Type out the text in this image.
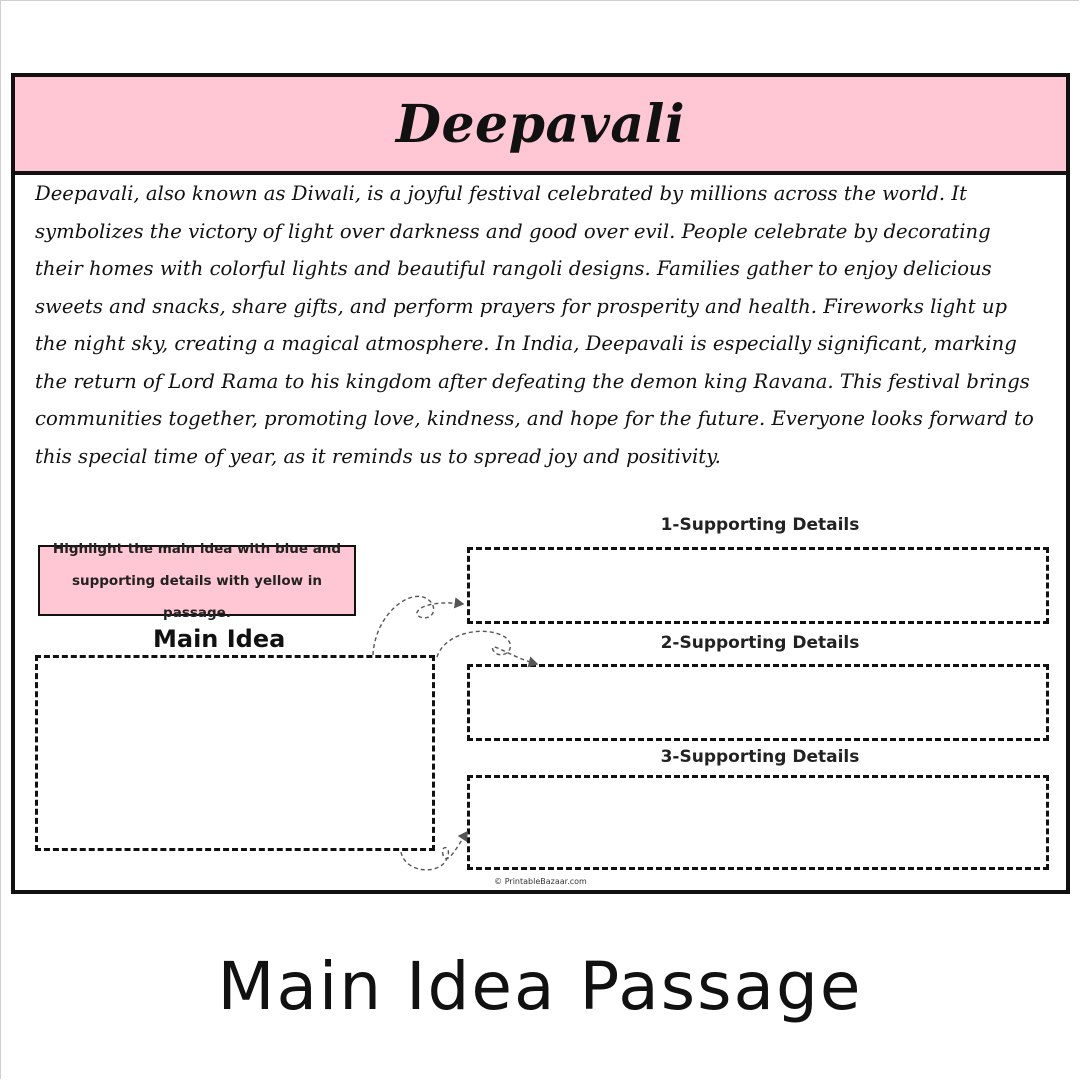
Deepavali

Deepavali, also known as Diwali, is a joyful festival celebrated by millions across the world. It symbolizes the victory of light over darkness and good over evil. People celebrate by decorating their homes with colorful lights and beautiful rangoli designs. Families gather to enjoy delicious sweets and snacks, share gifts, and perform prayers for prosperity and health. Fireworks light up the night sky, creating a magical atmosphere. In India, Deepavali is especially significant, marking the return of Lord Rama to his kingdom after defeating the demon king Ravana. This festival brings communities together, promoting love, kindness, and hope for the future. Everyone looks forward to this special time of year, as it reminds us to spread joy and positivity.

Highlight the main idea with blue and
supporting details with yellow in passage.
Main Idea
1-Supporting Details
2-Supporting Details
3-Supporting Details
© PrintableBazaar.com
Main Idea Passage
